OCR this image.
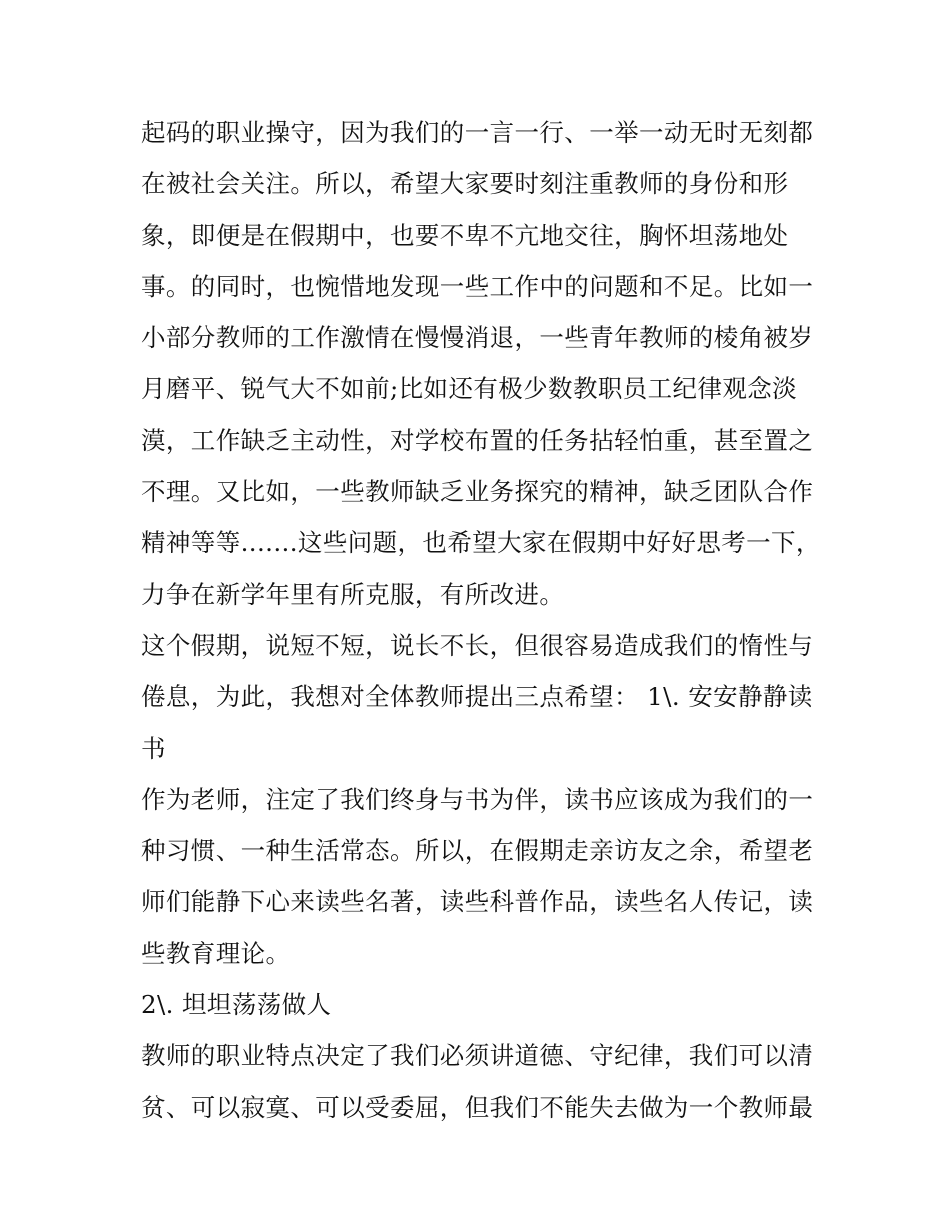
起码的职业操守，因为我们的一言一行、一举一动无时无刻都
在被社会关注。所以，希望大家要时刻注重教师的身份和形
象，即便是在假期中，也要不卑不亢地交往，胸怀坦荡地处
事。的同时，也惋惜地发现一些工作中的问题和不足。比如一
小部分教师的工作激情在慢慢消退，一些青年教师的棱角被岁
月磨平、锐气大不如前;比如还有极少数教职员工纪律观念淡
漠，工作缺乏主动性，对学校布置的任务拈轻怕重，甚至置之
不理。又比如，一些教师缺乏业务探究的精神，缺乏团队合作
精神等等.......这些问题，也希望大家在假期中好好思考一下，
力争在新学年里有所克服，有所改进。
这个假期，说短不短，说长不长，但很容易造成我们的惰性与
倦息，为此，我想对全体教师提出三点希望： 1\. 安安静静读
书
作为老师，注定了我们终身与书为伴，读书应该成为我们的一
种习惯、一种生活常态。所以，在假期走亲访友之余，希望老
师们能静下心来读些名著，读些科普作品，读些名人传记，读
些教育理论。
2\. 坦坦荡荡做人
教师的职业特点决定了我们必须讲道德、守纪律，我们可以清
贫、可以寂寞、可以受委屈，但我们不能失去做为一个教师最
